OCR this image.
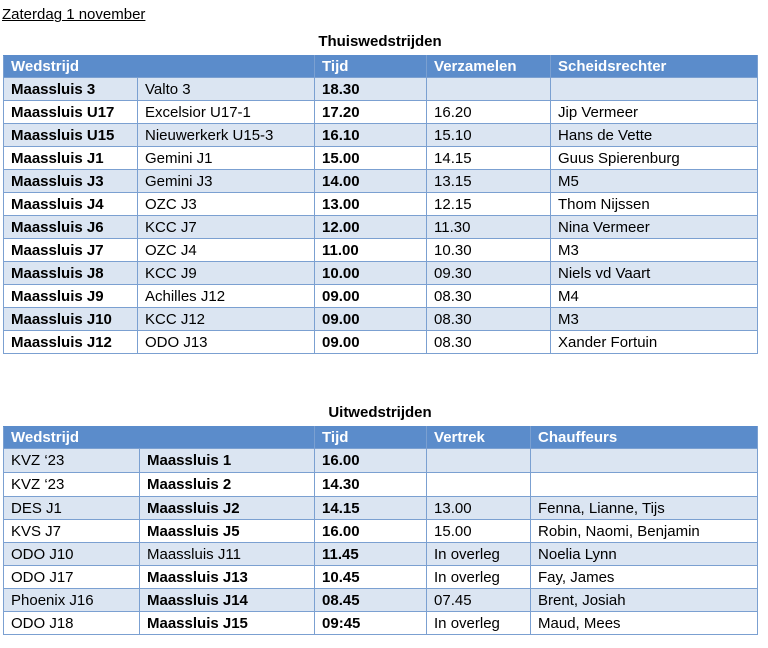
Zaterdag 1 november
Thuiswedstrijden
Wedstrijd		Tijd	Verzamelen	Scheidsrechter
Maassluis 3	Valto 3	18.30		
Maassluis U17	Excelsior U17-1	17.20	16.20	Jip Vermeer
Maassluis U15	Nieuwerkerk U15-3	16.10	15.10	Hans de Vette
Maassluis J1	Gemini J1	15.00	14.15	Guus Spierenburg
Maassluis J3	Gemini J3	14.00	13.15	M5
Maassluis J4	OZC J3	13.00	12.15	Thom Nijssen
Maassluis J6	KCC J7	12.00	11.30	Nina Vermeer
Maassluis J7	OZC J4	11.00	10.30	M3
Maassluis J8	KCC J9	10.00	09.30	Niels vd Vaart
Maassluis J9	Achilles J12	09.00	08.30	M4
Maassluis J10	KCC J12	09.00	08.30	M3
Maassluis J12	ODO J13	09.00	08.30	Xander Fortuin
Uitwedstrijden
Wedstrijd		Tijd	Vertrek	Chauffeurs
KVZ ‘23	Maassluis 1	16.00		
KVZ ‘23	Maassluis 2	14.30		
DES J1	Maassluis J2	14.15	13.00	Fenna, Lianne, Tijs
KVS J7	Maassluis J5	16.00	15.00	Robin, Naomi, Benjamin
ODO J10	Maassluis J11	11.45	In overleg	Noelia Lynn
ODO J17	Maassluis J13	10.45	In overleg	Fay, James
Phoenix J16	Maassluis J14	08.45	07.45	Brent, Josiah
ODO J18	Maassluis J15	09:45	In overleg	Maud, Mees
